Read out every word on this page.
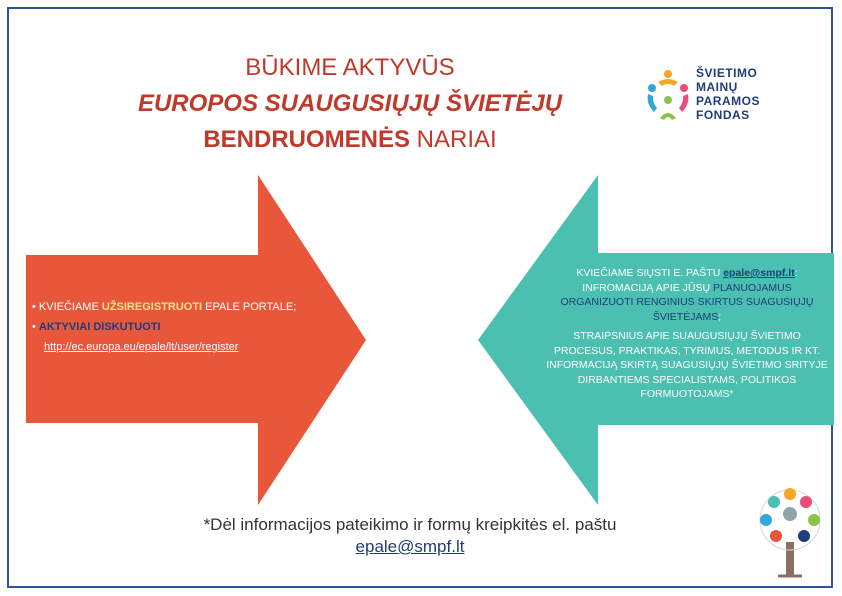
BŪKIME AKTYVŪS
EUROPOS SUAUGUSIŲJŲ ŠVIETĖJŲ
BENDRUOMENĖS NARIAI
ŠVIETIMO
MAINŲ
PARAMOS
FONDAS

• KVIEČIAME UŽSIREGISTRUOTI EPALE PORTALE;

• AKTYVIAI DISKUTUOTI

http://ec.europa.eu/epale/lt/user/register

KVIEČIAME SIŲSTI E. PAŠTU epale@smpf.lt: INFROMACIJĄ APIE JŪSŲ PLANUOJAMUS ORGANIZUOTI RENGINIUS SKIRTUS SUAGUSIŲJŲ ŠVIETĖJAMS;

STRAIPSNIUS APIE SUAUGUSIŲJŲ ŠVIETIMO PROCESUS, PRAKTIKAS, TYRIMUS, METODUS IR KT. INFORMACIJĄ SKIRTĄ SUAGUSIŲJŲ ŠVIETIMO SRITYJE DIRBANTIEMS SPECIALISTAMS, POLITIKOS FORMUOTOJAMS*

*Dėl informacijos pateikimo ir formų kreipkitės el. paštu
epale@smpf.lt
